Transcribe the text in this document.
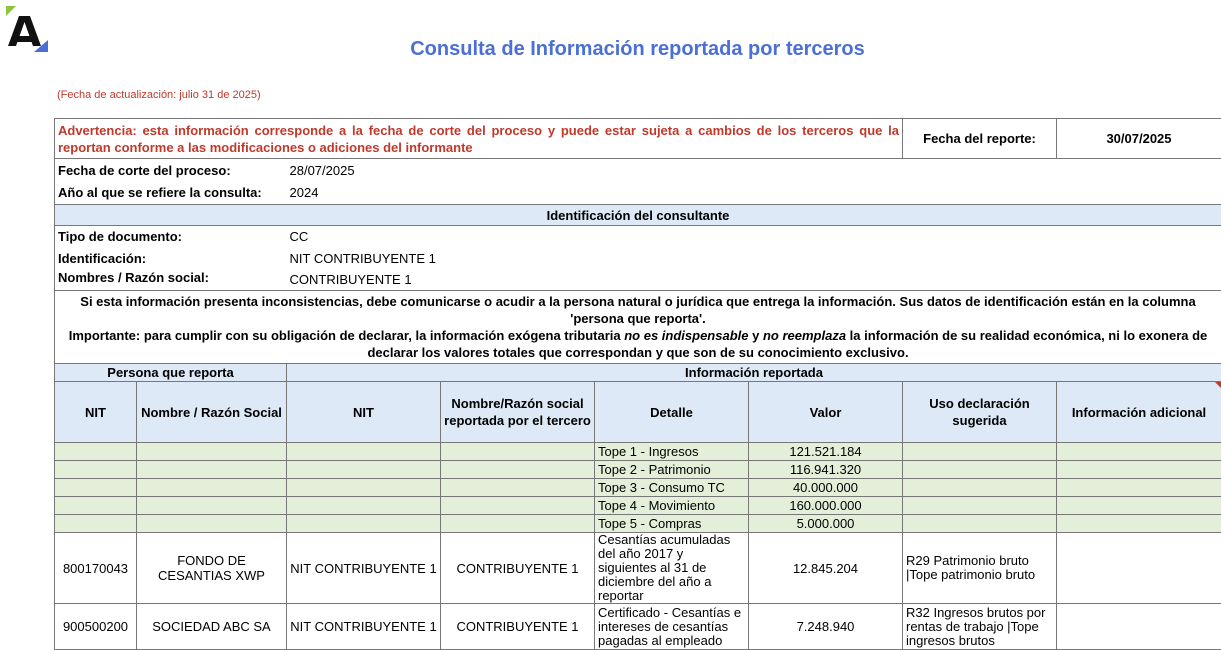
Consulta de Información reportada por terceros
(Fecha de actualización: julio 31 de 2025)
Advertencia: esta información corresponde a la fecha de corte del proceso y puede estar sujeta a cambios de los terceros que la reportan conforme a las modificaciones o adiciones del informante						Fecha del reporte:	30/07/2025
Fecha de corte del proceso:		28/07/2025					
Año al que se refiere la consulta:		2024					
Identificación del consultante							
Tipo de documento:		CC					
Identificación:		NIT CONTRIBUYENTE 1					

Nombres / Razón social:		CONTRIBUYENTE 1					

Si esta información presenta inconsistencias, debe comunicarse o acudir a la persona natural o jurídica que entrega la información. Sus datos de identificación están en la columna 'persona que reporta'.
Importante: para cumplir con su obligación de declarar, la información exógena tributaria no es indispensable y no reemplaza la información de su realidad económica, ni lo exonera de declarar los valores totales que correspondan y que son de su conocimiento exclusivo.							

Persona que reporta		Información reportada					
NIT	Nombre / Razón Social	NIT	Nombre/Razón social reportada por el tercero	Detalle	Valor	Uso declaración sugerida	Información adicional

				Tope 1 - Ingresos	121.521.184		
				Tope 2 - Patrimonio	116.941.320		
				Tope 3 - Consumo TC	40.000.000		
				Tope 4 - Movimiento	160.000.000		
				Tope 5 - Compras	5.000.000		
800170043	FONDO DE CESANTIAS XWP	NIT CONTRIBUYENTE 1	CONTRIBUYENTE 1	Cesantías acumuladas del año 2017 y siguientes al 31 de diciembre del año a reportar	12.845.204	R29 Patrimonio bruto |Tope patrimonio bruto	
900500200	SOCIEDAD ABC SA	NIT CONTRIBUYENTE 1	CONTRIBUYENTE 1	Certificado - Cesantías e intereses de cesantías pagadas al empleado	7.248.940	R32 Ingresos brutos por rentas de trabajo |Tope ingresos brutos	
